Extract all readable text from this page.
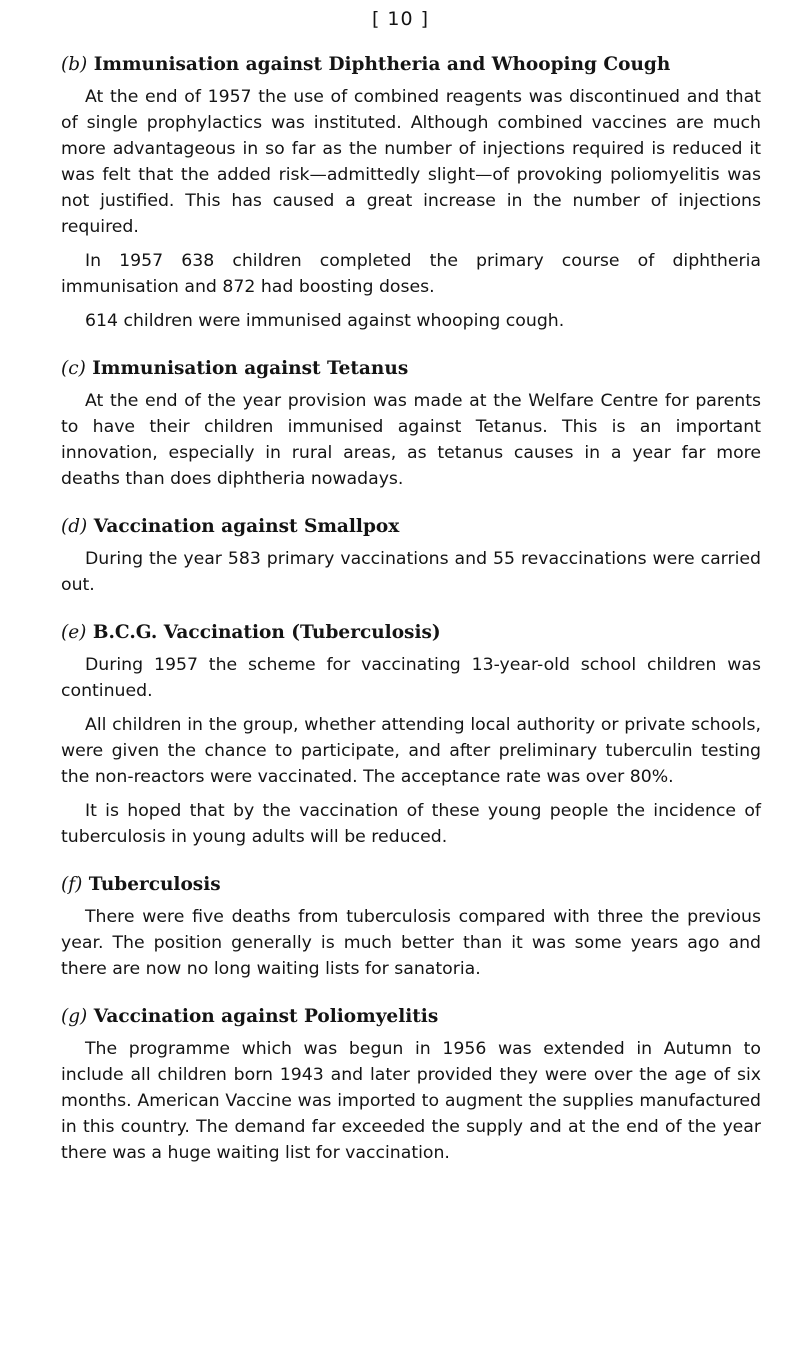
[ 10 ]
(b) Immunisation against Diphtheria and Whooping Cough

At the end of 1957 the use of combined reagents was discontinued and that of single prophylactics was instituted. Although combined vaccines are much more advantageous in so far as the number of injections required is reduced it was felt that the added risk—admittedly slight—of provoking poliomyelitis was not justified. This has caused a great increase in the number of injections required.

In 1957 638 children completed the primary course of diphtheria immunisation and 872 had boosting doses.

614 children were immunised against whooping cough.

(c) Immunisation against Tetanus

At the end of the year provision was made at the Welfare Centre for parents to have their children immunised against Tetanus. This is an important innovation, especially in rural areas, as tetanus causes in a year far more deaths than does diphtheria nowadays.

(d) Vaccination against Smallpox

During the year 583 primary vaccinations and 55 revaccinations were carried out.

(e) B.C.G. Vaccination (Tuberculosis)

During 1957 the scheme for vaccinating 13-year-old school children was continued.

All children in the group, whether attending local authority or private schools, were given the chance to participate, and after preliminary tuberculin testing the non-reactors were vaccinated. The acceptance rate was over 80%.

It is hoped that by the vaccination of these young people the incidence of tuberculosis in young adults will be reduced.

(f) Tuberculosis

There were five deaths from tuberculosis compared with three the previous year. The position generally is much better than it was some years ago and there are now no long waiting lists for sanatoria.

(g) Vaccination against Poliomyelitis

The programme which was begun in 1956 was extended in Autumn to include all children born 1943 and later provided they were over the age of six months. American Vaccine was imported to augment the supplies manufactured in this country. The demand far exceeded the supply and at the end of the year there was a huge waiting list for vaccination.
